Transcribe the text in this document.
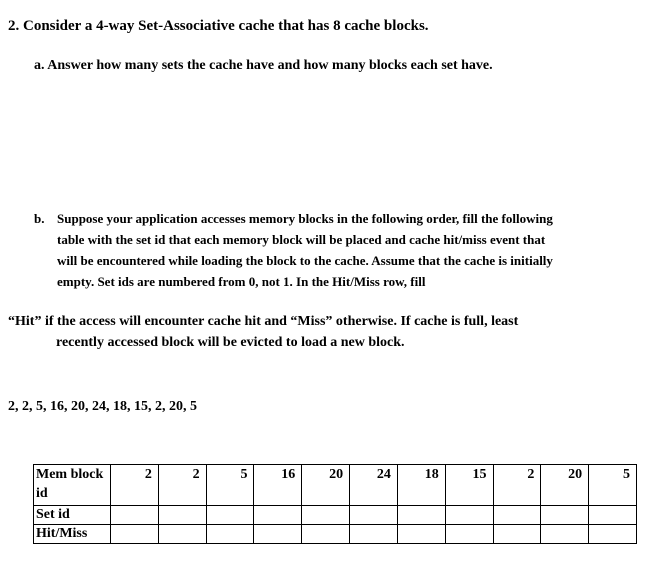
2. Consider a 4-way Set-Associative cache that has 8 cache blocks.
a. Answer how many sets the cache have and how many blocks each set have.
b. Suppose your application accesses memory blocks in the following order, fill the following
table with the set id that each memory block will be placed and cache hit/miss event that
will be encountered while loading the block to the cache. Assume that the cache is initially
empty. Set ids are numbered from 0, not 1. In the Hit/Miss row, fill
“Hit” if the access will encounter cache hit and “Miss” otherwise. If cache is full, least
recently accessed block will be evicted to load a new block.
2, 2, 5, 16, 20, 24, 18, 15, 2, 20, 5
Mem block id	2	2	5	16	20	24	18	15	2	20	5
Set id											
Hit/Miss											
